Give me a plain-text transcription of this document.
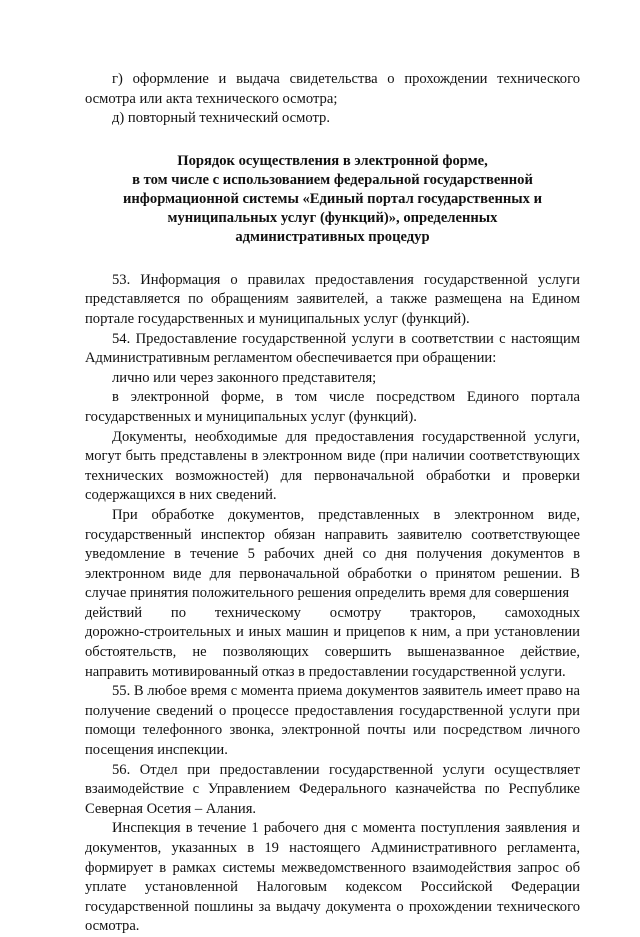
г) оформление и выдача свидетельства о прохождении технического осмотра или акта технического осмотра;

д) повторный технический осмотр.

Порядок осуществления в электронной форме,
в том числе с использованием федеральной государственной
информационной системы «Единый портал государственных и
муниципальных услуг (функций)», определенных
административных процедур

53. Информация о правилах предоставления государственной услуги представляется по обращениям заявителей, а также размещена на Едином портале государственных и муниципальных услуг (функций).

54. Предоставление государственной услуги в соответствии с настоящим Административным регламентом обеспечивается при обращении:

лично или через законного представителя;

в электронной форме, в том числе посредством Единого портала государственных и муниципальных услуг (функций).

Документы, необходимые для предоставления государственной услуги, могут быть представлены в электронном виде (при наличии соответствующих технических возможностей) для первоначальной обработки и проверки содержащихся в них сведений.

При обработке документов, представленных в электронном виде, государственный инспектор обязан направить заявителю соответствующее уведомление в течение 5 рабочих дней со дня получения документов в электронном виде для первоначальной обработки о принятом решении. В случае принятия положительного решения определить время для совершения

действий по техническому осмотру тракторов, самоходных

дорожно-строительных и иных машин и прицепов к ним, а при установлении обстоятельств, не позволяющих совершить вышеназванное действие, направить мотивированный отказ в предоставлении государственной услуги.

55. В любое время с момента приема документов заявитель имеет право на получение сведений о процессе предоставления государственной услуги при помощи телефонного звонка, электронной почты или посредством личного посещения инспекции.

56. Отдел при предоставлении государственной услуги осуществляет взаимодействие с Управлением Федерального казначейства по Республике Северная Осетия – Алания.

Инспекция в течение 1 рабочего дня с момента поступления заявления и документов, указанных в 19 настоящего Административного регламента, формирует в рамках системы межведомственного взаимодействия запрос об уплате установленной Налоговым кодексом Российской Федерации государственной пошлины за выдачу документа о прохождении технического осмотра.
